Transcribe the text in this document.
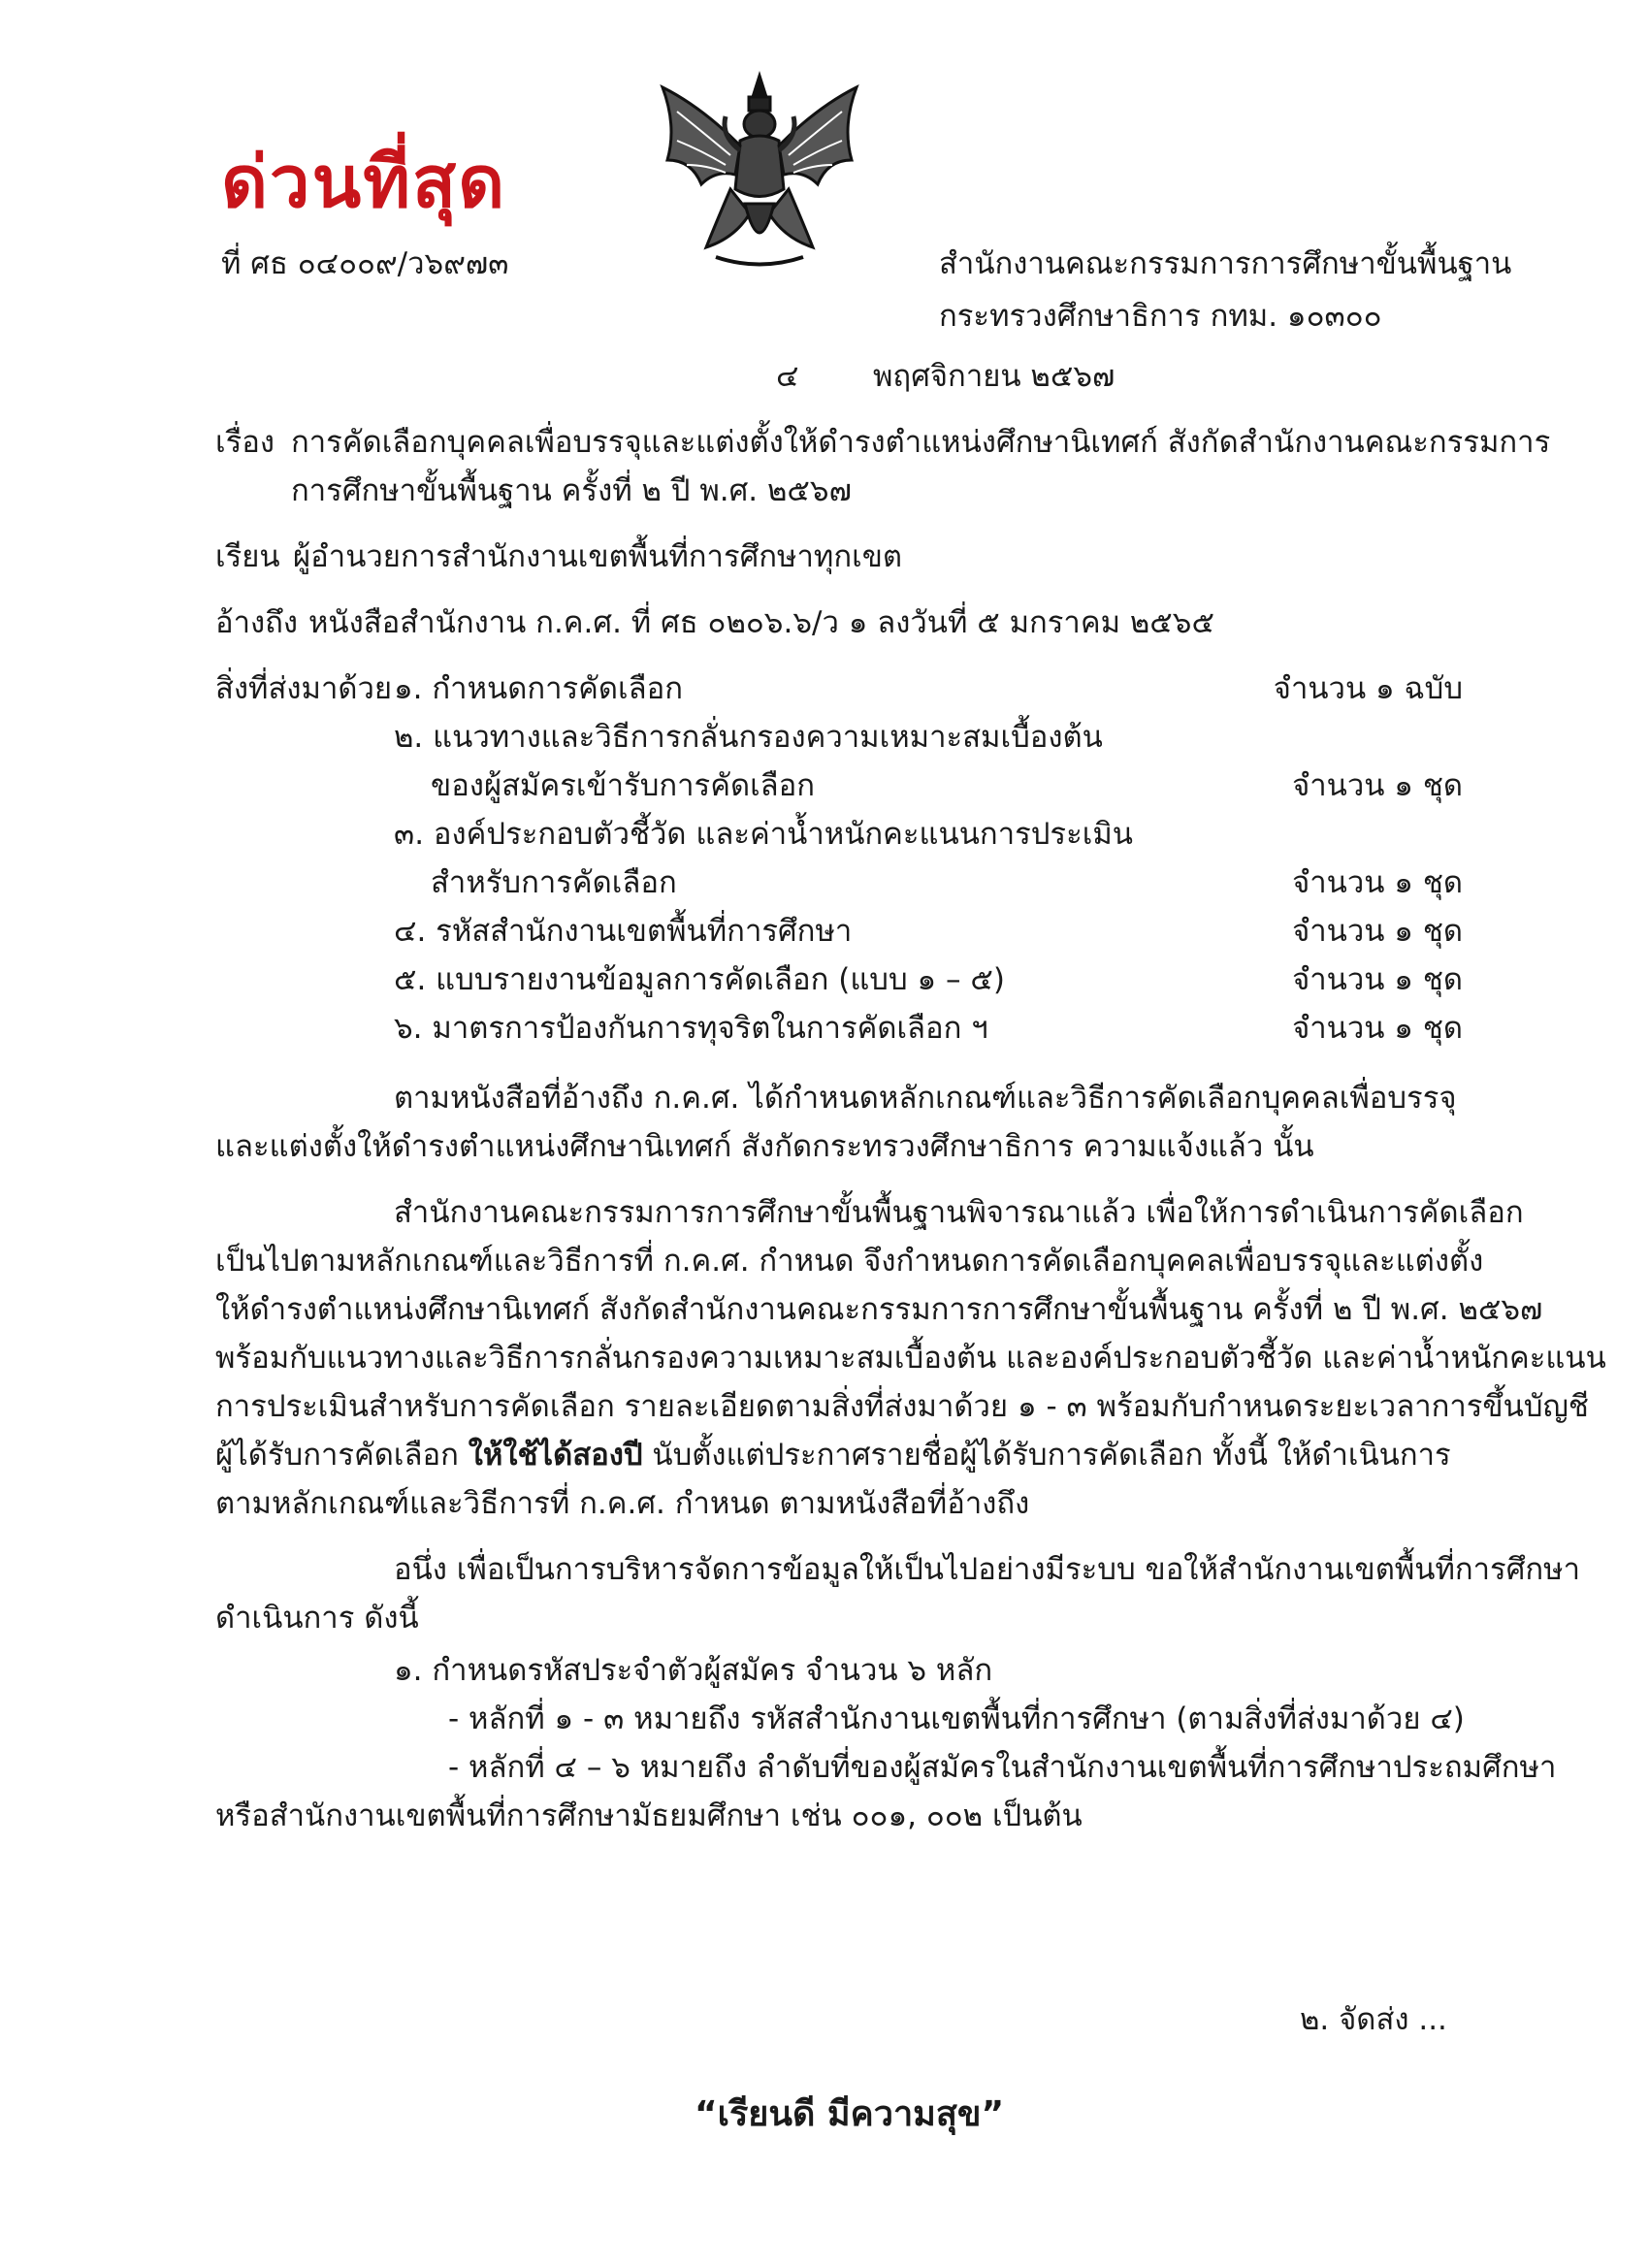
ด่วนที่สุด
ที่ ศธ ๐๔๐๐๙/ว๖๙๗๓	สำนักงานคณะกรรมการการศึกษาขั้นพื้นฐาน
กระทรวงศึกษาธิการ กทม. ๑๐๓๐๐
๔ พฤศจิกายน ๒๕๖๗
เรื่อง การคัดเลือกบุคคลเพื่อบรรจุและแต่งตั้งให้ดำรงตำแหน่งศึกษานิเทศก์ สังกัดสำนักงานคณะกรรมการ
การศึกษาขั้นพื้นฐาน ครั้งที่ ๒ ปี พ.ศ. ๒๕๖๗
เรียน ผู้อำนวยการสำนักงานเขตพื้นที่การศึกษาทุกเขต
อ้างถึง หนังสือสำนักงาน ก.ค.ศ. ที่ ศธ ๐๒๐๖.๖/ว ๑ ลงวันที่ ๕ มกราคม ๒๕๖๕
สิ่งที่ส่งมาด้วย ๑. กำหนดการคัดเลือก	จำนวน ๑ ฉบับ
๒. แนวทางและวิธีการกลั่นกรองความเหมาะสมเบื้องต้น
ของผู้สมัครเข้ารับการคัดเลือก	จำนวน ๑ ชุด
๓. องค์ประกอบตัวชี้วัด และค่าน้ำหนักคะแนนการประเมิน
สำหรับการคัดเลือก	จำนวน ๑ ชุด
๔. รหัสสำนักงานเขตพื้นที่การศึกษา	จำนวน ๑ ชุด
๕. แบบรายงานข้อมูลการคัดเลือก (แบบ ๑ – ๕)	จำนวน ๑ ชุด
๖. มาตรการป้องกันการทุจริตในการคัดเลือก ฯ	จำนวน ๑ ชุด
ตามหนังสือที่อ้างถึง ก.ค.ศ. ได้กำหนดหลักเกณฑ์และวิธีการคัดเลือกบุคคลเพื่อบรรจุ
และแต่งตั้งให้ดำรงตำแหน่งศึกษานิเทศก์ สังกัดกระทรวงศึกษาธิการ ความแจ้งแล้ว นั้น
สำนักงานคณะกรรมการการศึกษาขั้นพื้นฐานพิจารณาแล้ว เพื่อให้การดำเนินการคัดเลือก
เป็นไปตามหลักเกณฑ์และวิธีการที่ ก.ค.ศ. กำหนด จึงกำหนดการคัดเลือกบุคคลเพื่อบรรจุและแต่งตั้ง
ให้ดำรงตำแหน่งศึกษานิเทศก์ สังกัดสำนักงานคณะกรรมการการศึกษาขั้นพื้นฐาน ครั้งที่ ๒ ปี พ.ศ. ๒๕๖๗
พร้อมกับแนวทางและวิธีการกลั่นกรองความเหมาะสมเบื้องต้น และองค์ประกอบตัวชี้วัด และค่าน้ำหนักคะแนน
การประเมินสำหรับการคัดเลือก รายละเอียดตามสิ่งที่ส่งมาด้วย ๑ - ๓ พร้อมกับกำหนดระยะเวลาการขึ้นบัญชี
ผู้ได้รับการคัดเลือก ให้ใช้ได้สองปี นับตั้งแต่ประกาศรายชื่อผู้ได้รับการคัดเลือก ทั้งนี้ ให้ดำเนินการ
ตามหลักเกณฑ์และวิธีการที่ ก.ค.ศ. กำหนด ตามหนังสือที่อ้างถึง
อนึ่ง เพื่อเป็นการบริหารจัดการข้อมูลให้เป็นไปอย่างมีระบบ ขอให้สำนักงานเขตพื้นที่การศึกษา
ดำเนินการ ดังนี้
๑. กำหนดรหัสประจำตัวผู้สมัคร จำนวน ๖ หลัก
- หลักที่ ๑ - ๓ หมายถึง รหัสสำนักงานเขตพื้นที่การศึกษา (ตามสิ่งที่ส่งมาด้วย ๔)
- หลักที่ ๔ – ๖ หมายถึง ลำดับที่ของผู้สมัครในสำนักงานเขตพื้นที่การศึกษาประถมศึกษา
หรือสำนักงานเขตพื้นที่การศึกษามัธยมศึกษา เช่น ๐๐๑, ๐๐๒ เป็นต้น
๒. จัดส่ง ...
“เรียนดี มีความสุข”
